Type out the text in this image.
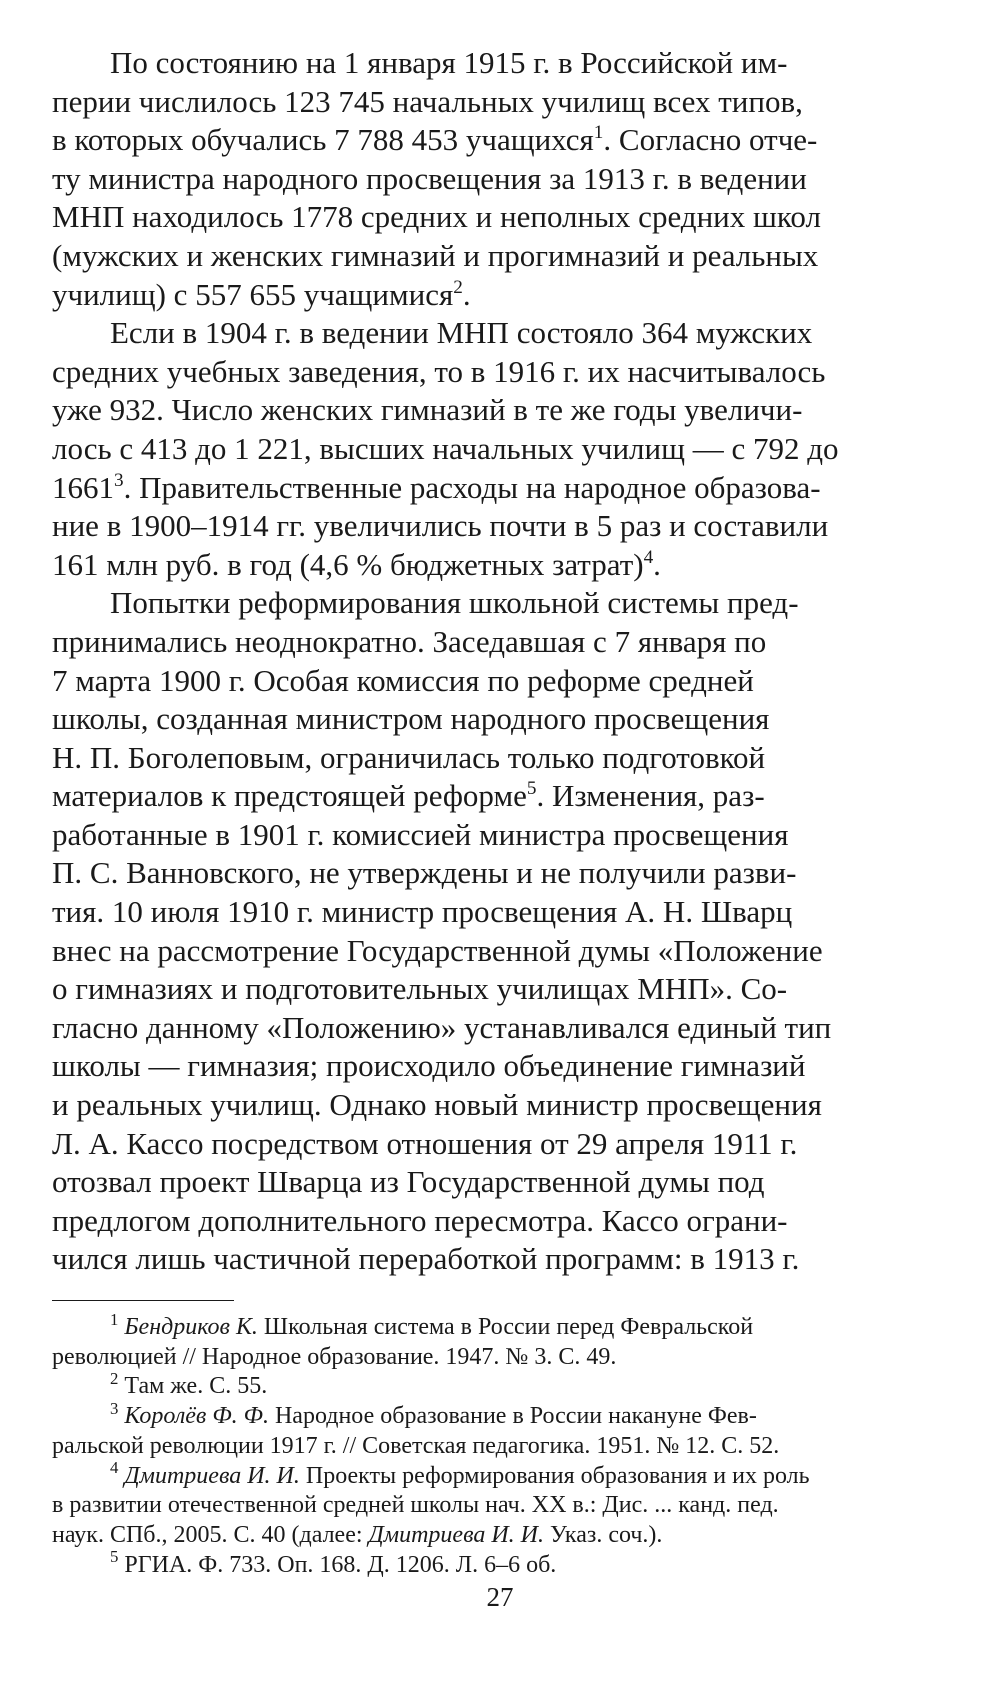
По состоянию на 1 января 1915 г. в Российской им-
перии числилось 123 745 начальных училищ всех типов,
в которых обучались 7 788 453 учащихся$^1$. Согласно отче-
ту министра народного просвещения за 1913 г. в ведении
МНП находилось 1778 средних и неполных средних школ
(мужских и женских гимназий и прогимназий и реальных
училищ) с 557 655 учащимися$^2$.

Если в 1904 г. в ведении МНП состояло 364 мужских
средних учебных заведения, то в 1916 г. их насчитывалось
уже 932. Число женских гимназий в те же годы увеличи-
лось с 413 до 1 221, высших начальных училищ — с 792 до
1661$^3$. Правительственные расходы на народное образова-
ние в 1900–1914 гг. увеличились почти в 5 раз и составили
161 млн руб. в год (4,6 % бюджетных затрат)$^4$.

Попытки реформирования школьной системы пред-
принимались неоднократно. Заседавшая с 7 января по
7 марта 1900 г. Особая комиссия по реформе средней
школы, созданная министром народного просвещения
Н. П. Боголеповым, ограничилась только подготовкой
материалов к предстоящей реформе$^5$. Изменения, раз-
работанные в 1901 г. комиссией министра просвещения
П. С. Ванновского, не утверждены и не получили разви-
тия. 10 июля 1910 г. министр просвещения А. Н. Шварц
внес на рассмотрение Государственной думы «Положение
о гимназиях и подготовительных училищах МНП». Со-
гласно данному «Положению» устанавливался единый тип
школы — гимназия; происходило объединение гимназий
и реальных училищ. Однако новый министр просвещения
Л. А. Кассо посредством отношения от 29 апреля 1911 г.
отозвал проект Шварца из Государственной думы под
предлогом дополнительного пересмотра. Кассо ограни-
чился лишь частичной переработкой программ: в 1913 г.

$^1$ Бендриков К. Школьная система в России перед Февральской
революцией // Народное образование. 1947. № 3. С. 49.

$^2$ Там же. С. 55.

$^3$ Королёв Ф. Ф. Народное образование в России накануне Фев-
ральской революции 1917 г. // Советская педагогика. 1951. № 12. С. 52.

$^4$ Дмитриева И. И. Проекты реформирования образования и их роль
в развитии отечественной средней школы нач. XX в.: Дис. ... канд. пед.
наук. СПб., 2005. С. 40 (далее: Дмитриева И. И. Указ. соч.).

$^5$ РГИА. Ф. 733. Оп. 168. Д. 1206. Л. 6–6 об.

27
